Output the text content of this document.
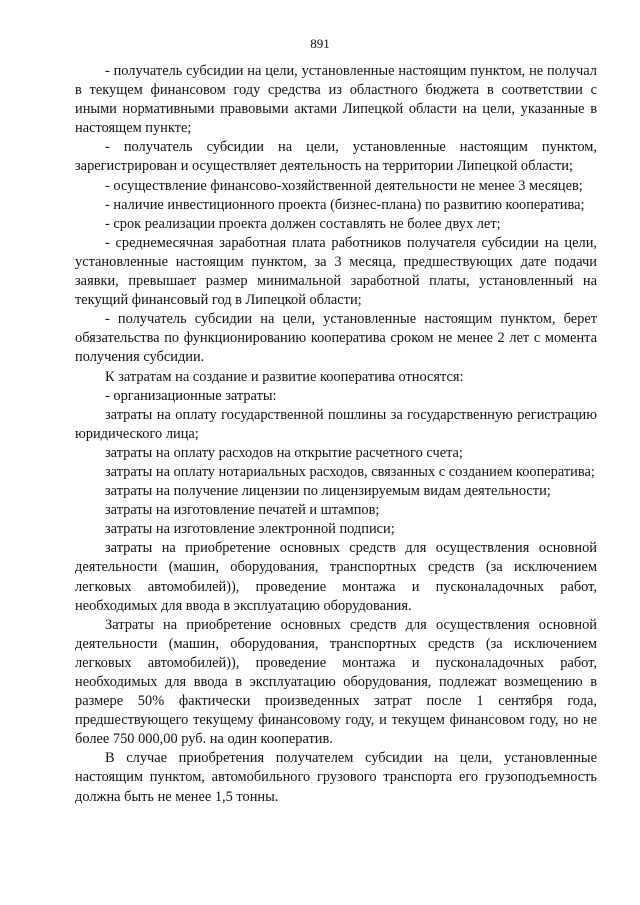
891

- получатель субсидии на цели, установленные настоящим пунктом, не получал в текущем финансовом году средства из областного бюджета в соответствии с иными нормативными правовыми актами Липецкой области на цели, указанные в настоящем пункте;

- получатель субсидии на цели, установленные настоящим пунктом, зарегистрирован и осуществляет деятельность на территории Липецкой области;

- осуществление финансово-хозяйственной деятельности не менее 3 месяцев;

- наличие инвестиционного проекта (бизнес-плана) по развитию кооператива;

- срок реализации проекта должен составлять не более двух лет;

- среднемесячная заработная плата работников получателя субсидии на цели, установленные настоящим пунктом, за 3 месяца, предшествующих дате подачи заявки, превышает размер минимальной заработной платы, установленный на текущий финансовый год в Липецкой области;

- получатель субсидии на цели, установленные настоящим пунктом, берет обязательства по функционированию кооператива сроком не менее 2 лет с момента получения субсидии.

К затратам на создание и развитие кооператива относятся:

- организационные затраты:

затраты на оплату государственной пошлины за государственную регистрацию юридического лица;

затраты на оплату расходов на открытие расчетного счета;

затраты на оплату нотариальных расходов, связанных с созданием кооператива;

затраты на получение лицензии по лицензируемым видам деятельности;

затраты на изготовление печатей и штампов;

затраты на изготовление электронной подписи;

затраты на приобретение основных средств для осуществления основной деятельности (машин, оборудования, транспортных средств (за исключением легковых автомобилей)), проведение монтажа и пусконаладочных работ, необходимых для ввода в эксплуатацию оборудования.

Затраты на приобретение основных средств для осуществления основной деятельности (машин, оборудования, транспортных средств (за исключением легковых автомобилей)), проведение монтажа и пусконаладочных работ, необходимых для ввода в эксплуатацию оборудования, подлежат возмещению в размере 50% фактически произведенных затрат после 1 сентября года, предшествующего текущему финансовому году, и текущем финансовом году, но не более 750 000,00 руб. на один кооператив.

В случае приобретения получателем субсидии на цели, установленные настоящим пунктом, автомобильного грузового транспорта его грузоподъемность должна быть не менее 1,5 тонны.
